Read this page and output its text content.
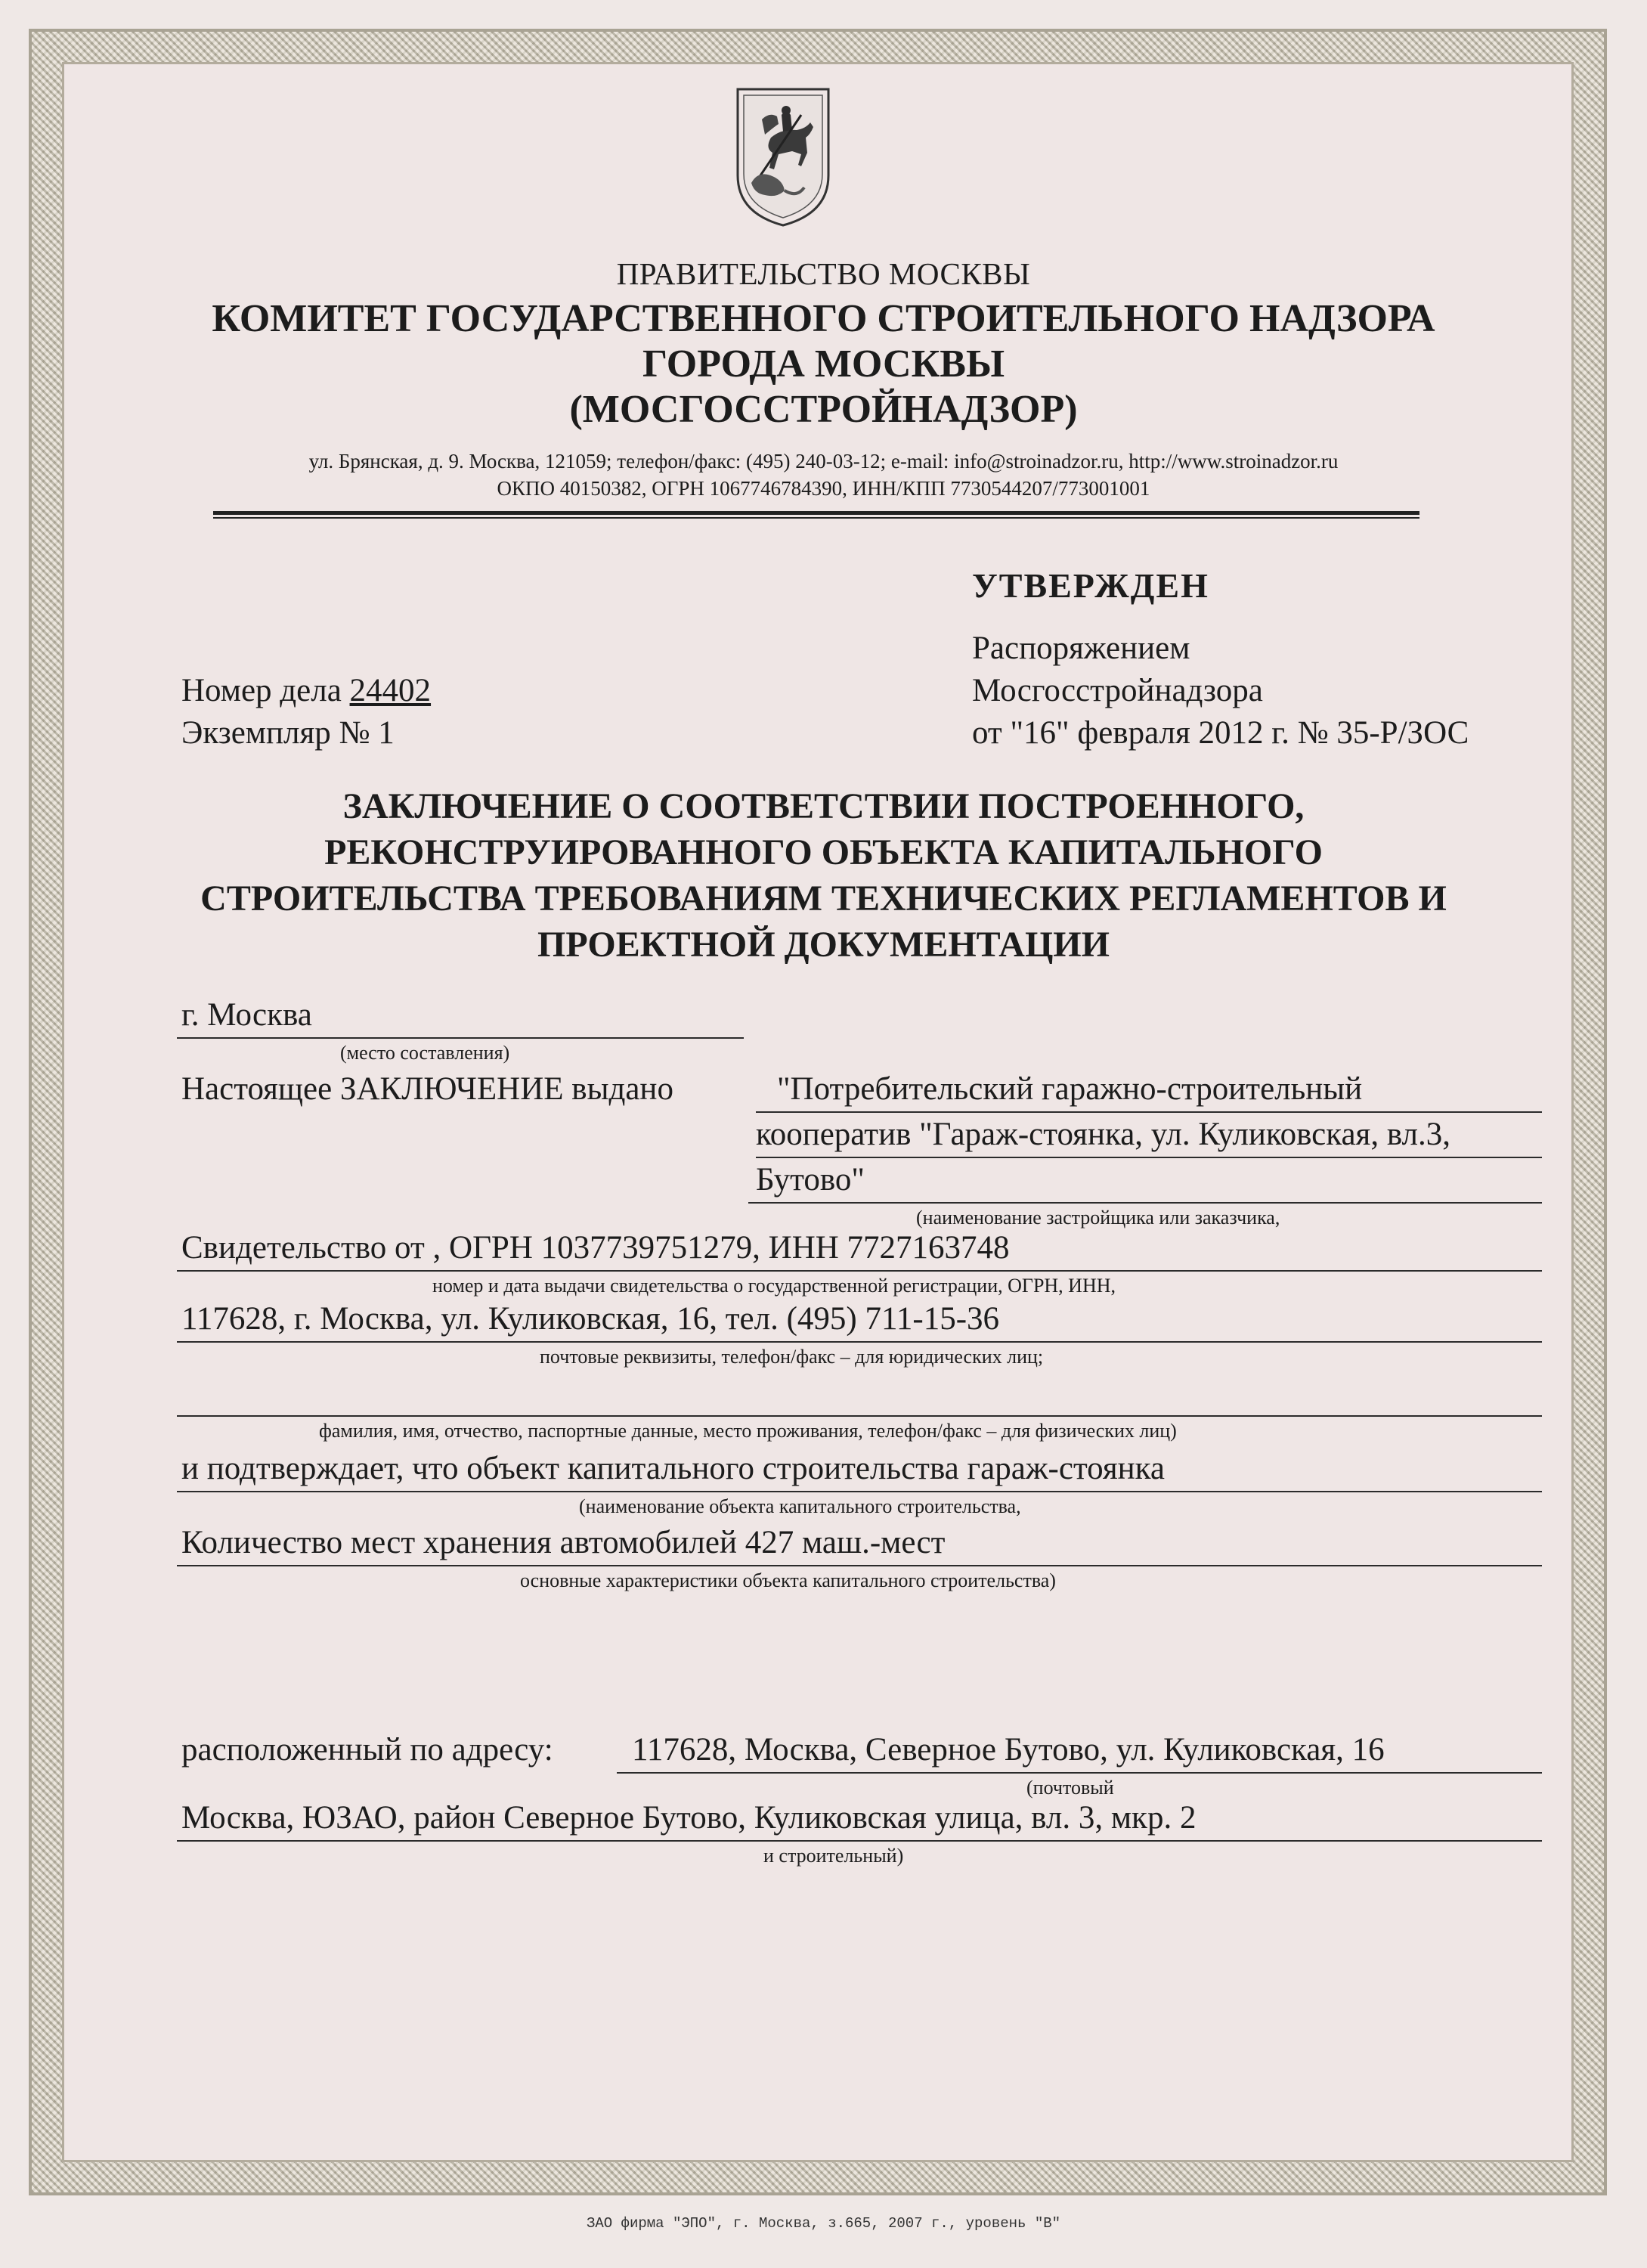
ПРАВИТЕЛЬСТВО МОСКВЫ
КОМИТЕТ ГОСУДАРСТВЕННОГО СТРОИТЕЛЬНОГО НАДЗОРА
ГОРОДА МОСКВЫ
(МОСГОССТРОЙНАДЗОР)
ул. Брянская, д. 9. Москва, 121059; телефон/факс: (495) 240-03-12; e-mail: info@stroinadzor.ru, http://www.stroinadzor.ru
ОКПО 40150382, ОГРН 1067746784390, ИНН/КПП 7730544207/773001001
УТВЕРЖДЕН
Распоряжением
Мосгосстройнадзора
от "16" февраля 2012 г. № 35-Р/ЗОС
Номер дела 24402
Экземпляр № 1
ЗАКЛЮЧЕНИЕ О СООТВЕТСТВИИ ПОСТРОЕННОГО,
РЕКОНСТРУИРОВАННОГО ОБЪЕКТА КАПИТАЛЬНОГО
СТРОИТЕЛЬСТВА ТРЕБОВАНИЯМ ТЕХНИЧЕСКИХ РЕГЛАМЕНТОВ И
ПРОЕКТНОЙ ДОКУМЕНТАЦИИ
г. Москва
(место составления)
Настоящее ЗАКЛЮЧЕНИЕ выдано	"Потребительский гаражно-строительный
кооператив "Гараж-стоянка, ул. Куликовская, вл.3,
Бутово"
(наименование застройщика или заказчика,
Свидетельство от , ОГРН 1037739751279, ИНН 7727163748
номер и дата выдачи свидетельства о государственной регистрации, ОГРН, ИНН,
117628, г. Москва, ул. Куликовская, 16, тел. (495) 711-15-36
почтовые реквизиты, телефон/факс – для юридических лиц;
фамилия, имя, отчество, паспортные данные, место проживания, телефон/факс – для физических лиц)
и подтверждает, что объект капитального строительства гараж-стоянка
(наименование объекта капитального строительства,
Количество мест хранения автомобилей 427 маш.-мест
основные характеристики объекта капитального строительства)
расположенный по адресу: 117628, Москва, Северное Бутово, ул. Куликовская, 16
(почтовый
Москва, ЮЗАО, район Северное Бутово, Куликовская улица, вл. 3, мкр. 2
и строительный)
ЗАО фирма "ЭПО", г. Москва, з.665, 2007 г., уровень "В"
